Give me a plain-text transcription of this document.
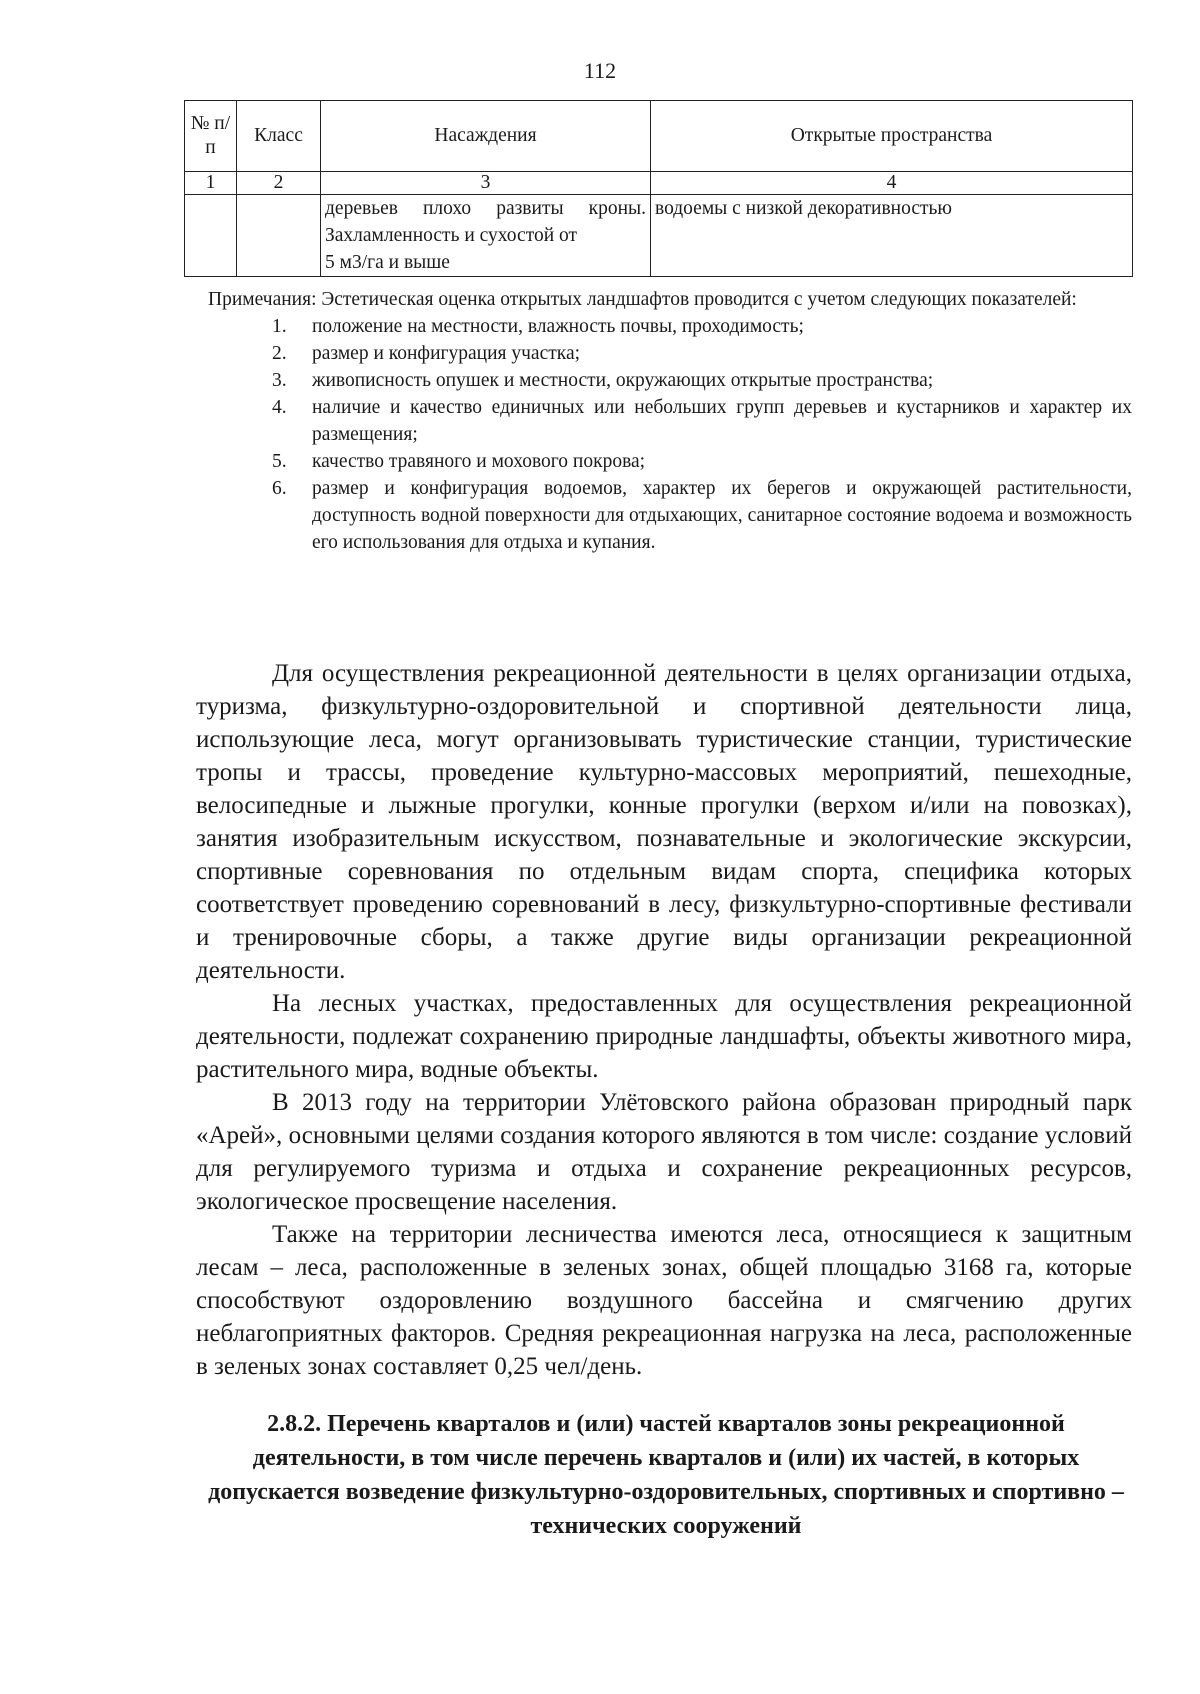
112
№ п/п	Класс	Насаждения	Открытые пространства
1	2	3	4

		деревьев плохо развиты кроны.
Захламленность и сухостой от
5 м3/га и выше	водоемы с низкой декоративностью

Примечания: Эстетическая оценка открытых ландшафтов проводится с учетом следующих показателей:

1. положение на местности, влажность почвы, проходимость;
2. размер и конфигурация участка;
3. живописность опушек и местности, окружающих открытые пространства;
4. наличие и качество единичных или небольших групп деревьев и кустарников и характер их размещения;
5. качество травяного и мохового покрова;
6. размер и конфигурация водоемов, характер их берегов и окружающей растительности, доступность водной поверхности для отдыхающих, санитарное состояние водоема и возможность его использования для отдыха и купания.

Для осуществления рекреационной деятельности в целях организации отдыха, туризма, физкультурно-оздоровительной и спортивной деятельности лица, использующие леса, могут организовывать туристические станции, туристические тропы и трассы, проведение культурно-массовых мероприятий, пешеходные, велосипедные и лыжные прогулки, конные прогулки (верхом и/или на повозках), занятия изобразительным искусством, познавательные и экологические экскурсии, спортивные соревнования по отдельным видам спорта, специфика которых соответствует проведению соревнований в лесу, физкультурно-спортивные фестивали и тренировочные сборы, а также другие виды организации рекреационной деятельности.

На лесных участках, предоставленных для осуществления рекреационной деятельности, подлежат сохранению природные ландшафты, объекты животного мира, растительного мира, водные объекты.

В 2013 году на территории Улётовского района образован природный парк «Арей», основными целями создания которого являются в том числе: создание условий для регулируемого туризма и отдыха и сохранение рекреационных ресурсов, экологическое просвещение населения.

Также на территории лесничества имеются леса, относящиеся к защитным лесам – леса, расположенные в зеленых зонах, общей площадью 3168 га, которые способствуют оздоровлению воздушного бассейна и смягчению других неблагоприятных факторов. Средняя рекреационная нагрузка на леса, расположенные в зеленых зонах составляет 0,25 чел/день.

2.8.2. Перечень кварталов и (или) частей кварталов зоны рекреационной деятельности, в том числе перечень кварталов и (или) их частей, в которых допускается возведение физкультурно-оздоровительных, спортивных и спортивно – технических сооружений
